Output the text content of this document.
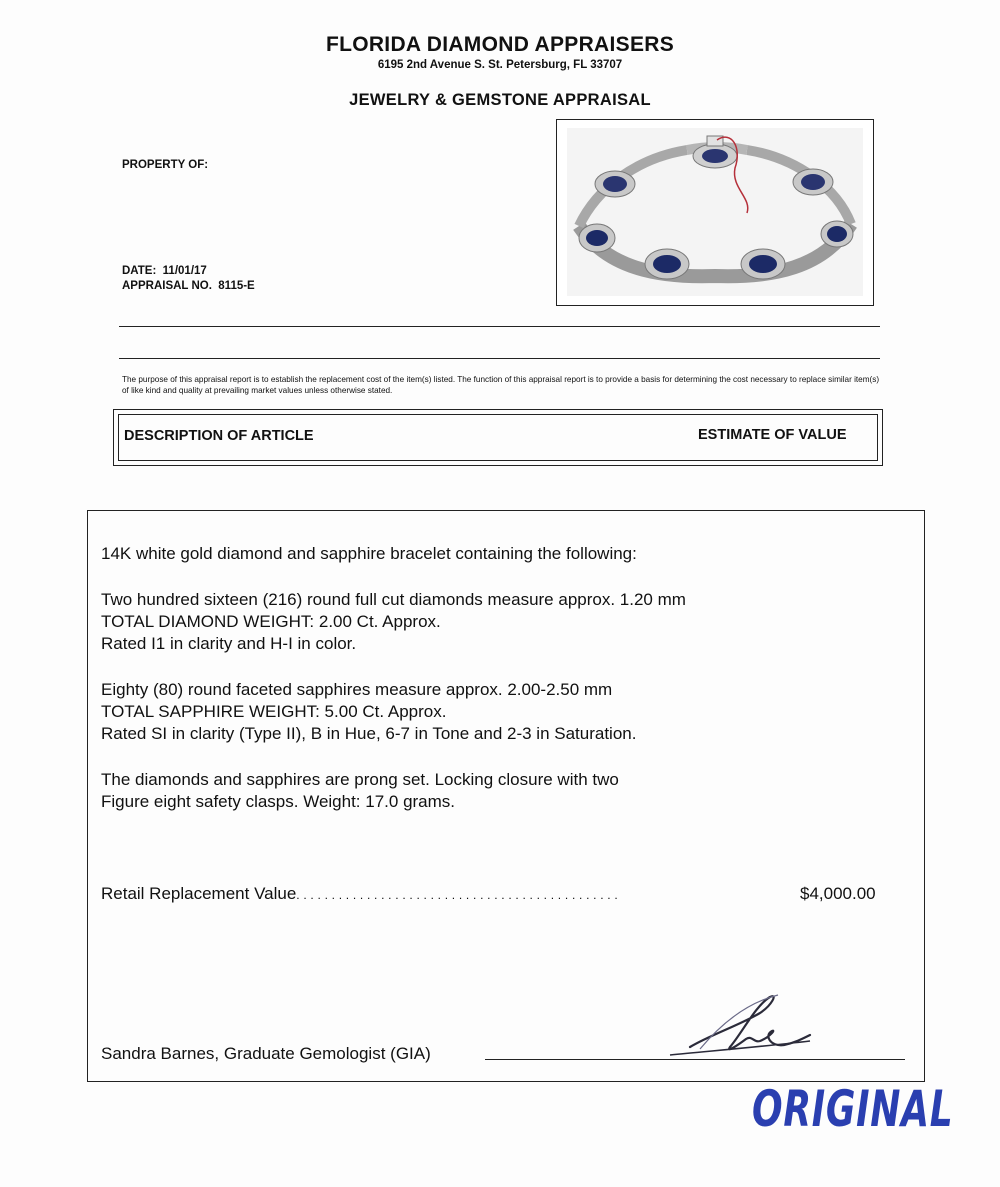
FLORIDA DIAMOND APPRAISERS
6195 2nd Avenue S. St. Petersburg, FL 33707
JEWELRY & GEMSTONE APPRAISAL
PROPERTY OF:
DATE: 11/01/17
APPRAISAL NO. 8115-E
The purpose of this appraisal report is to establish the replacement cost of the item(s) listed. The function of this appraisal report is to provide a basis for determining the cost necessary to replace similar item(s) of like kind and quality at prevailing market values unless otherwise stated.
DESCRIPTION OF ARTICLE	ESTIMATE OF VALUE
14K white gold diamond and sapphire bracelet containing the following:
Two hundred sixteen (216) round full cut diamonds measure approx. 1.20 mm
TOTAL DIAMOND WEIGHT: 2.00 Ct. Approx.
Rated I1 in clarity and H-I in color.
Eighty (80) round faceted sapphires measure approx. 2.00-2.50 mm
TOTAL SAPPHIRE WEIGHT: 5.00 Ct. Approx.
Rated SI in clarity (Type II), B in Hue, 6-7 in Tone and 2-3 in Saturation.
The diamonds and sapphires are prong set. Locking closure with two
Figure eight safety clasps. Weight: 17.0 grams.
Retail Replacement Value. . . . . . . . . . . . . . . . . . . . . . . . . . . . . . . . . . . . . . . . . . . . . .	$4,000.00
Sandra Barnes, Graduate Gemologist (GIA)
ORIGINAL
